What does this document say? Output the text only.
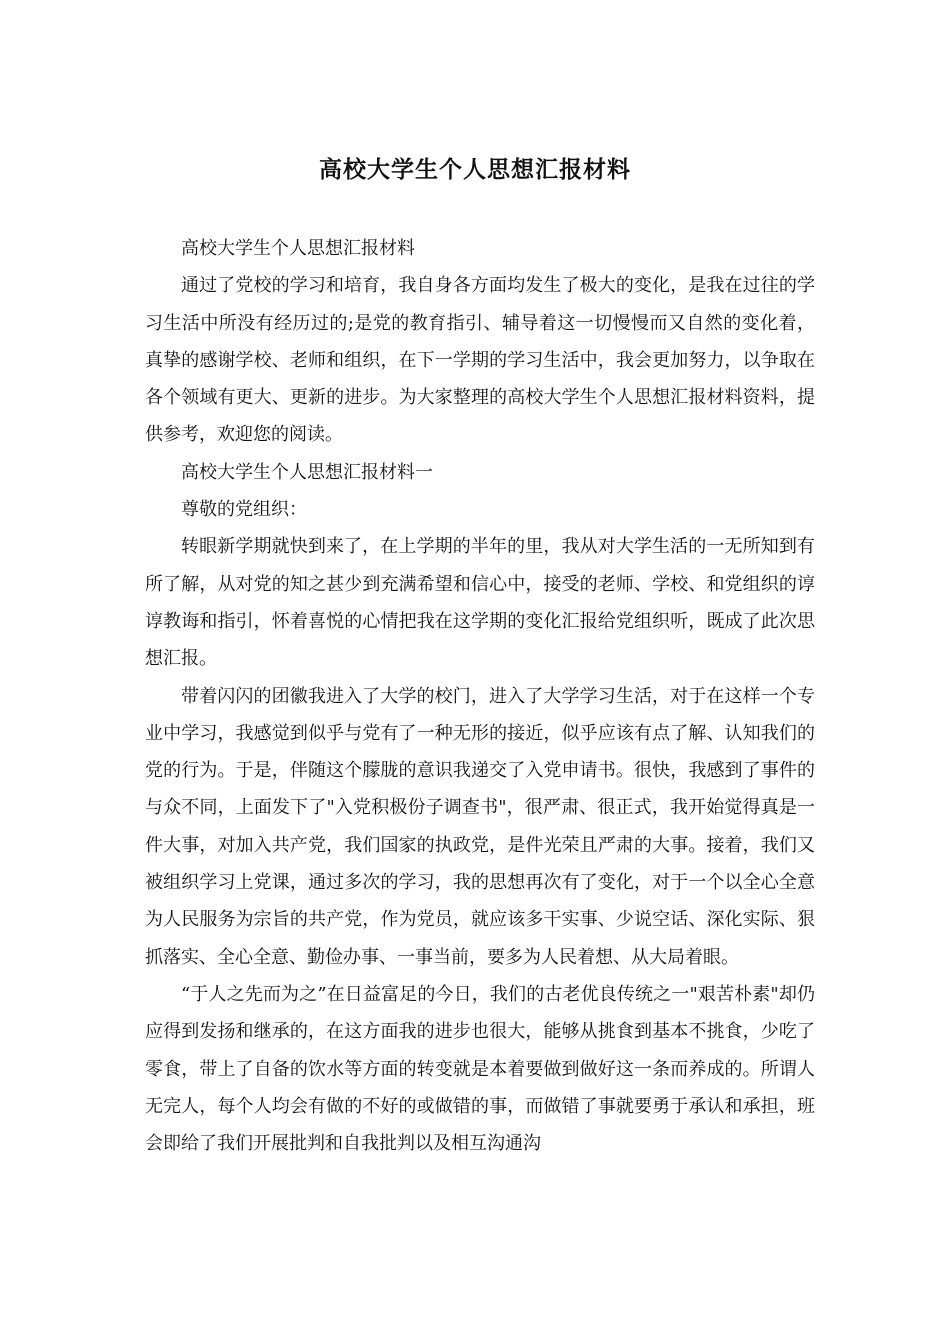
高校大学生个人思想汇报材料

高校大学生个人思想汇报材料

通过了党校的学习和培育，我自身各方面均发生了极大的变化，是我在过往的学习生活中所没有经历过的;是党的教育指引、辅导着这一切慢慢而又自然的变化着，真挚的感谢学校、老师和组织，在下一学期的学习生活中，我会更加努力，以争取在各个领域有更大、更新的进步。为大家整理的高校大学生个人思想汇报材料资料，提供参考，欢迎您的阅读。

高校大学生个人思想汇报材料一

尊敬的党组织：

转眼新学期就快到来了，在上学期的半年的里，我从对大学生活的一无所知到有所了解，从对党的知之甚少到充满希望和信心中，接受的老师、学校、和党组织的谆谆教诲和指引，怀着喜悦的心情把我在这学期的变化汇报给党组织听，既成了此次思想汇报。

带着闪闪的团徽我进入了大学的校门，进入了大学学习生活，对于在这样一个专业中学习，我感觉到似乎与党有了一种无形的接近，似乎应该有点了解、认知我们的党的行为。于是，伴随这个朦胧的意识我递交了入党申请书。很快，我感到了事件的与众不同，上面发下了"入党积极份子调查书"，很严肃、很正式，我开始觉得真是一件大事，对加入共产党，我们国家的执政党，是件光荣且严肃的大事。接着，我们又被组织学习上党课，通过多次的学习，我的思想再次有了变化，对于一个以全心全意为人民服务为宗旨的共产党，作为党员，就应该多干实事、少说空话、深化实际、狠抓落实、全心全意、勤俭办事、一事当前，要多为人民着想、从大局着眼。

“于人之先而为之”在日益富足的今日，我们的古老优良传统之一"艰苦朴素"却仍应得到发扬和继承的，在这方面我的进步也很大，能够从挑食到基本不挑食，少吃了零食，带上了自备的饮水等方面的转变就是本着要做到做好这一条而养成的。所谓人无完人，每个人均会有做的不好的或做错的事，而做错了事就要勇于承认和承担，班会即给了我们开展批判和自我批判以及相互沟通沟
